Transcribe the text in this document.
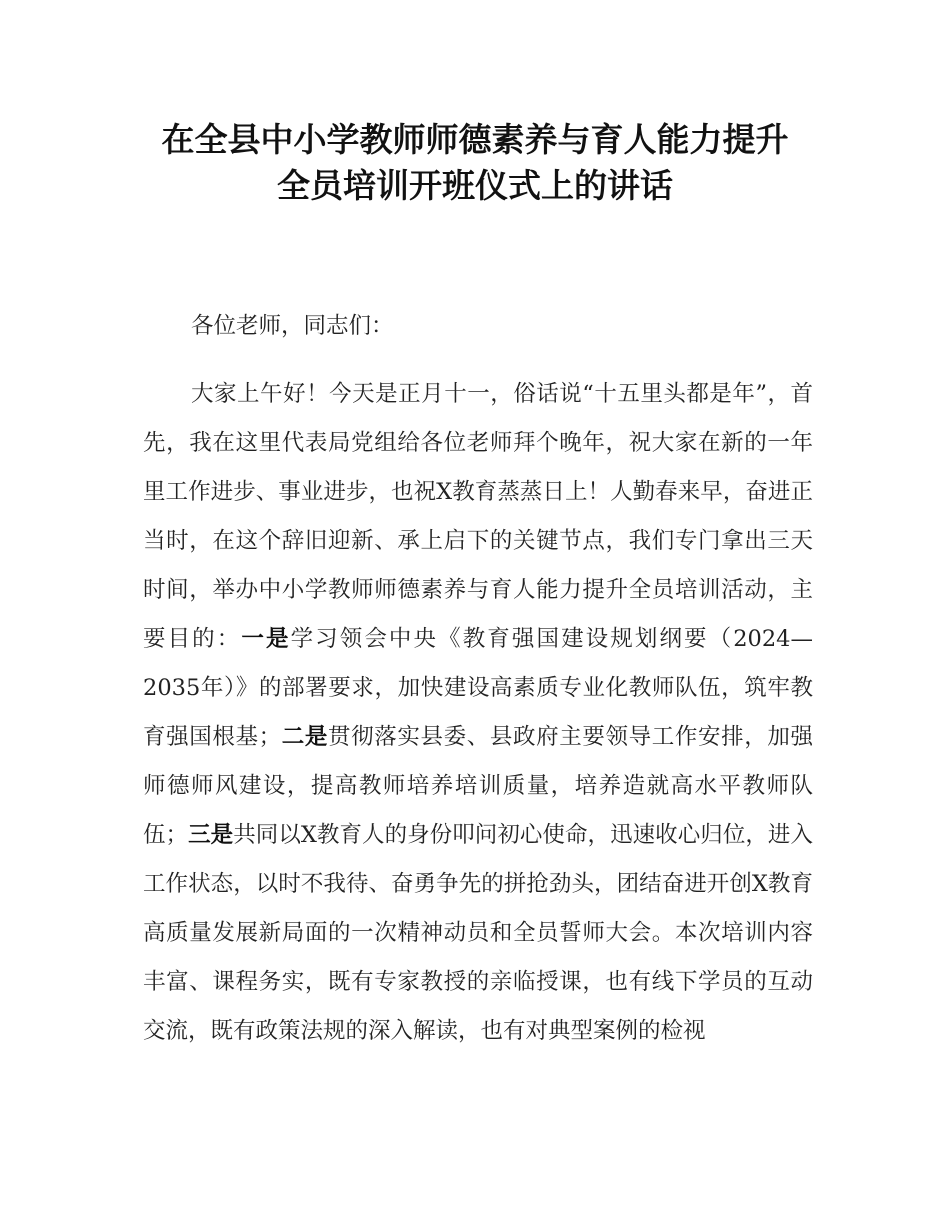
在全县中小学教师师德素养与育人能力提升
全员培训开班仪式上的讲话
各位老师，同志们：
大家上午好！今天是正月十一，俗话说“十五里头都是年”，首先，我在这里代表局党组给各位老师拜个晚年，祝大家在新的一年里工作进步、事业进步，也祝X教育蒸蒸日上！人勤春来早，奋进正当时，在这个辞旧迎新、承上启下的关键节点，我们专门拿出三天时间，举办中小学教师师德素养与育人能力提升全员培训活动，主要目的：一是学习领会中央《教育强国建设规划纲要（2024—2035年）》的部署要求，加快建设高素质专业化教师队伍，筑牢教育强国根基；二是贯彻落实县委、县政府主要领导工作安排，加强师德师风建设，提高教师培养培训质量，培养造就高水平教师队伍；三是共同以X教育人的身份叩问初心使命，迅速收心归位，进入工作状态，以时不我待、奋勇争先的拼抢劲头，团结奋进开创X教育高质量发展新局面的一次精神动员和全员誓师大会。本次培训内容丰富、课程务实，既有专家教授的亲临授课，也有线下学员的互动交流，既有政策法规的深入解读，也有对典型案例的检视
